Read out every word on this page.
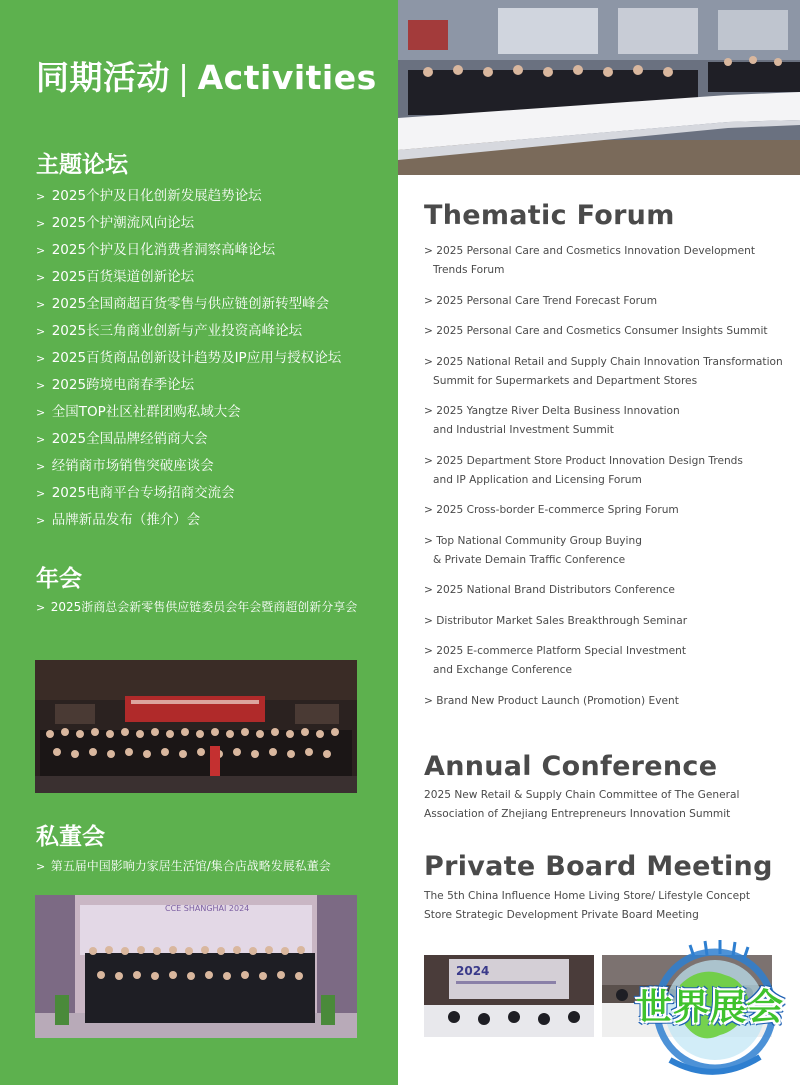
同期活动 | Activities
主题论坛
> 2025个护及日化创新发展趋势论坛
> 2025个护潮流风向论坛
> 2025个护及日化消费者洞察高峰论坛
> 2025百货渠道创新论坛
> 2025全国商超百货零售与供应链创新转型峰会
> 2025长三角商业创新与产业投资高峰论坛
> 2025百货商品创新设计趋势及IP应用与授权论坛
> 2025跨境电商春季论坛
> 全国TOP社区社群团购私域大会
> 2025全国品牌经销商大会
> 经销商市场销售突破座谈会
> 2025电商平台专场招商交流会
> 品牌新品发布（推介）会
年会
> 2025浙商总会新零售供应链委员会年会暨商超创新分享会
私董会
> 第五届中国影响力家居生活馆/集合店战略发展私董会
CCE SHANGHAI 2024
Thematic Forum
> 2025 Personal Care and Cosmetics Innovation Development
Trends Forum
> 2025 Personal Care Trend Forecast Forum
> 2025 Personal Care and Cosmetics Consumer Insights Summit
> 2025 National Retail and Supply Chain Innovation Transformation
Summit for Supermarkets and Department Stores
> 2025 Yangtze River Delta Business Innovation
and Industrial Investment Summit
> 2025 Department Store Product Innovation Design Trends
and IP Application and Licensing Forum
> 2025 Cross-border E-commerce Spring Forum
> Top National Community Group Buying
& Private Demain Traffic Conference
> 2025 National Brand Distributors Conference
> Distributor Market Sales Breakthrough Seminar
> 2025 E-commerce Platform Special Investment
and Exchange Conference
> Brand New Product Launch (Promotion) Event
Annual Conference
2025 New Retail & Supply Chain Committee of The General
Association of Zhejiang Entrepreneurs Innovation Summit
Private Board Meeting
The 5th China Influence Home Living Store/ Lifestyle Concept
Store Strategic Development Private Board Meeting
2024
世界展会
